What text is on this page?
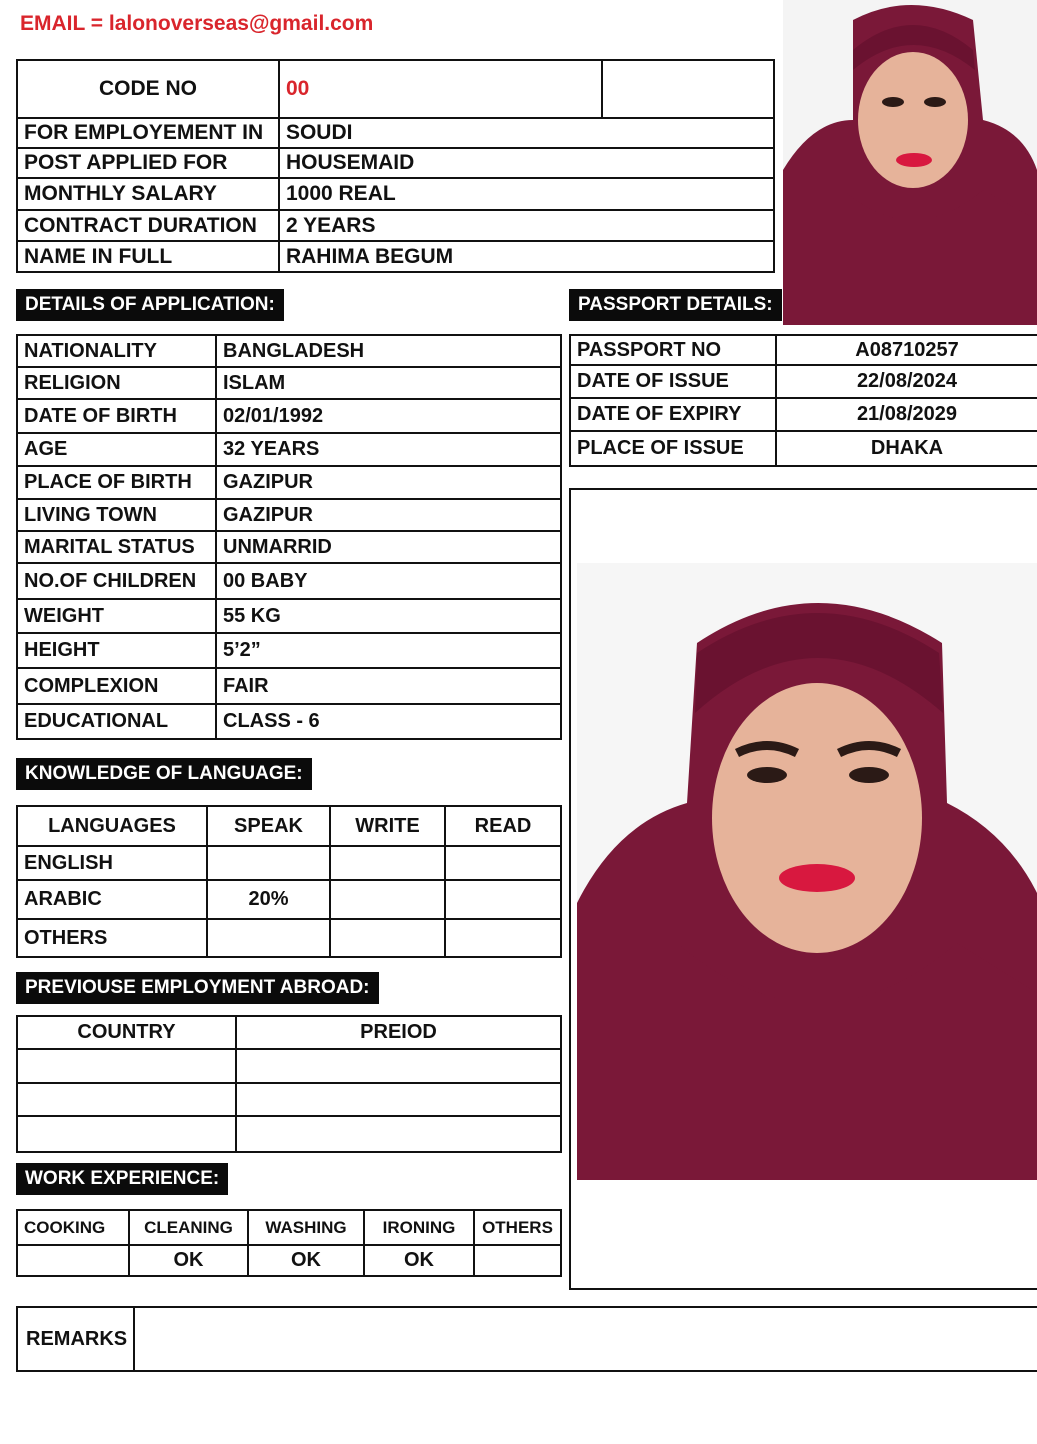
EMAIL = lalonoverseas@gmail.com
CODE NO	00	
FOR EMPLOYEMENT IN	SOUDI	
POST APPLIED FOR	HOUSEMAID	
MONTHLY SALARY	1000 REAL	
CONTRACT DURATION	2 YEARS	
NAME IN FULL	RAHIMA BEGUM	
DETAILS OF APPLICATION:	PASSPORT DETAILS:
NATIONALITY	BANGLADESH
RELIGION	ISLAM
DATE OF BIRTH	02/01/1992
AGE	32 YEARS
PLACE OF BIRTH	GAZIPUR
LIVING TOWN	GAZIPUR
MARITAL STATUS	UNMARRID
NO.OF CHILDREN	00 BABY
WEIGHT	55 KG
HEIGHT	5’2”
COMPLEXION	FAIR
EDUCATIONAL	CLASS - 6
PASSPORT NO	A08710257
DATE OF ISSUE	22/08/2024
DATE OF EXPIRY	21/08/2029
PLACE OF ISSUE	DHAKA
KNOWLEDGE OF LANGUAGE:
LANGUAGES	SPEAK	WRITE	READ
ENGLISH			
ARABIC	20%		
OTHERS			
PREVIOUSE EMPLOYMENT ABROAD:
COUNTRY	PREIOD

WORK EXPERIENCE:
COOKING	CLEANING	WASHING	IRONING	OTHERS
	OK	OK	OK	
REMARKS	
